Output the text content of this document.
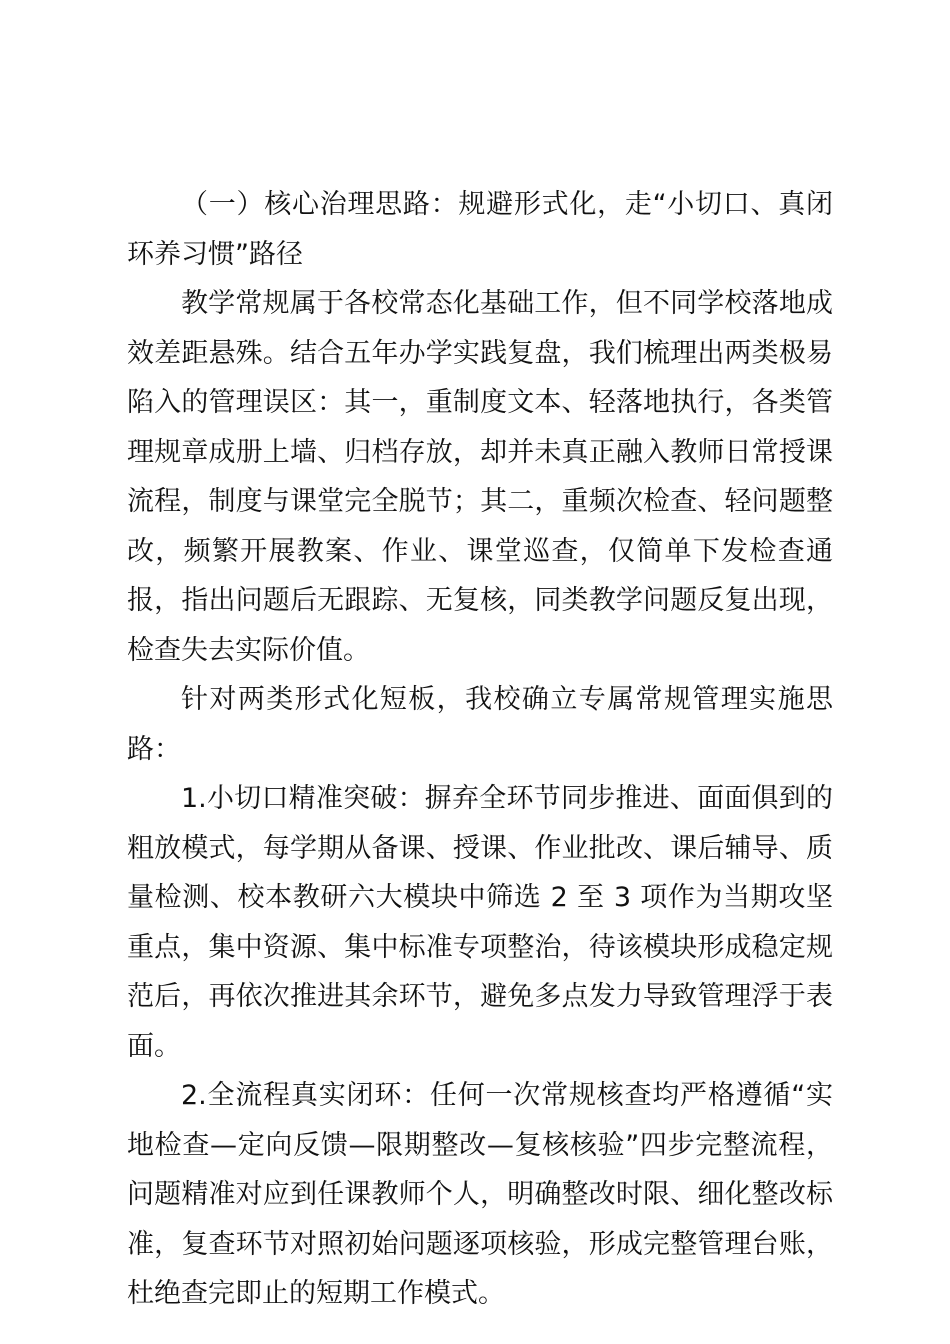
（一）核心治理思路：规避形式化，走“小切口、真闭环养习惯”路径

教学常规属于各校常态化基础工作，但不同学校落地成效差距悬殊。结合五年办学实践复盘，我们梳理出两类极易陷入的管理误区：其一，重制度文本、轻落地执行，各类管理规章成册上墙、归档存放，却并未真正融入教师日常授课流程，制度与课堂完全脱节；其二，重频次检查、轻问题整改，频繁开展教案、作业、课堂巡查，仅简单下发检查通报，指出问题后无跟踪、无复核，同类教学问题反复出现，检查失去实际价值。

针对两类形式化短板，我校确立专属常规管理实施思路：

1.小切口精准突破：摒弃全环节同步推进、面面俱到的粗放模式，每学期从备课、授课、作业批改、课后辅导、质量检测、校本教研六大模块中筛选 2 至 3 项作为当期攻坚重点，集中资源、集中标准专项整治，待该模块形成稳定规范后，再依次推进其余环节，避免多点发力导致管理浮于表面。

2.全流程真实闭环：任何一次常规核查均严格遵循“实地检查—定向反馈—限期整改—复核核验”四步完整流程，问题精准对应到任课教师个人，明确整改时限、细化整改标准，复查环节对照初始问题逐项核验，形成完整管理台账，杜绝查完即止的短期工作模式。
